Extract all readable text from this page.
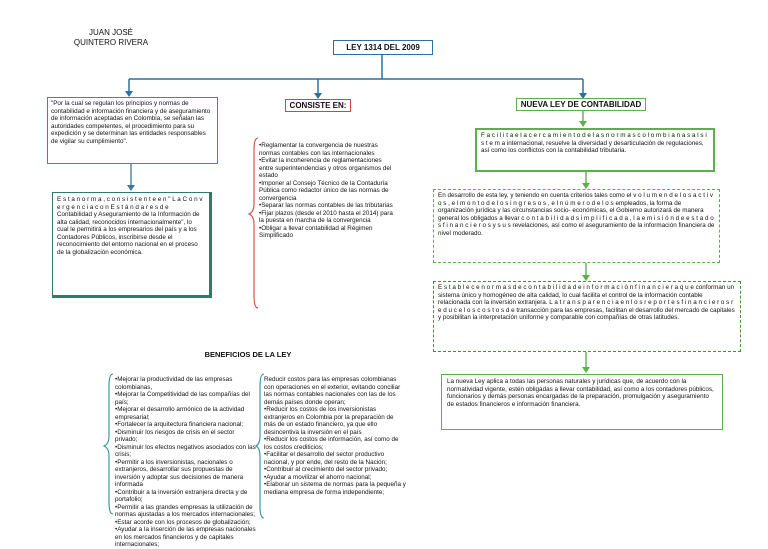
JUAN JOSÉ
QUINTERO RIVERA
LEY 1314 DEL 2009
"Por la cual se regulan los principios y normas de contabilidad e información financiera y de aseguramiento de información aceptadas en Colombia, se señalan las autoridades competentes, el procedimiento para su expedición y se determinan las entidades responsables de vigilar su cumplimiento".
E s t a n o r m a , c o n s i s t e n t e e n " L a C o n v e r g e n c i a c o n E s t á n d a r e s d e Contabilidad y Aseguramiento de la Información de alta calidad, reconocidos internacionalmente", lo cual le permitirá a los empresarios del país y a los Contadores Públicos, inscribirse desde el reconocimiento del entorno nacional en el proceso de la globalización económica.
CONSISTE EN:
•Reglamentar la convergencia de nuestras normas contables con las internacionales
•Evitar la incoherencia de reglamentaciones entre superintendencias y otros organismos del estado
•Imponer al Consejo Técnico de la Contaduría Pública como redactor único de las normas de convergencia
•Separar las normas contables de las tributarias
•Fijar plazos (desde el 2010 hasta el 2014) para la puesta en marcha de la convergencia
•Obligar a llevar contabilidad al Régimen Simplificado
NUEVA LEY DE CONTABILIDAD
F a c i l i t a e l a c e r c a m i e n t o d e l a s n o r m a s c o l o m b i a n a s a l s i s t e m a internacional, resuelve la diversidad y desarticulación de regulaciones, así como los conflictos con la contabilidad tributaria.
En desarrollo de esta ley, y teniendo en cuenta criterios tales como el v o l u m e n d e l o s a c t i v o s , e l m o n t o d e l o s i n g r e s o s , e l n ú m e r o d e l o s empleados, la forma de organización jurídica y las circunstancias socio- económicas, el Gobierno autorizará de manera general los obligados a llevar c o n t a b i l i d a d s i m p l i f i c a d a , l a e m i s i ó n d e e s t a d o s f i n a n c i e r o s y s u s revelaciones, así como el aseguramiento de la información financiera de nivel moderado.
E s t a b l e c e n o r m a s d e c o n t a b i l i d a d e i n f o r m a c i ó n f i n a n c i e r a q u e conforman un sistema único y homogéneo de alta calidad, lo cual facilita el control de la información contable relacionada con la inversión extranjera. L a t r a n s p a r e n c i a e n l o s r e p o r t e s f i n a n c i e r o s r e d u c e l o s c o s t o s d e transacción para las empresas, facilitan el desarrollo del mercado de capitales y posibilitan la interpretación uniforme y comparable con compañías de otras latitudes.
La nueva Ley aplica a todas las personas naturales y jurídicas que, de acuerdo con la normatividad vigente, estén obligadas a llevar contabilidad, así como a los contadores públicos, funcionarios y demás personas encargadas de la preparación, promulgación y aseguramiento de estados financieros e información financiera.
BENEFICIOS DE LA LEY
•Mejorar la productividad de las empresas colombianas,
•Mejorar la Competitividad de las compañías del país;
•Mejorar el desarrollo armónico de la actividad empresarial;
•Fortalecer la arquitectura financiera nacional;
•Disminuir los riesgos de crisis en el sector privado;
•Disminuir los efectos negativos asociados con las crisis;
•Permitir a los inversionistas, nacionales o extranjeros, desarrollar sus propuestas de inversión y adoptar sus decisiones de manera informada
•Contribuir a la inversión extranjera directa y de portafolio;
•Permitir a las grandes empresas la utilización de normas ajustadas a los mercados internacionales;
•Estar acorde con los procesos de globalización;
•Ayudar a la inserción de las empresas nacionales en los mercados financieros y de capitales internacionales;
Reducir costos para las empresas colombianas con operaciones en el exterior, evitando conciliar las normas contables nacionales con las de los demás países donde operan;
•Reducir los costos de los inversionistas extranjeros en Colombia por la preparación de más de un estado financiero, ya que ello desincentiva la inversión en el país
•Reducir los costos de información, así como de los costos crediticios;
•Facilitar el desarrollo del sector productivo nacional, y por ende, del resto de la Nación;
•Contribuir al crecimiento del sector privado;
•Ayudar a movilizar el ahorro nacional;
•Elaborar un sistema de normas para la pequeña y mediana empresa de forma independiente;
